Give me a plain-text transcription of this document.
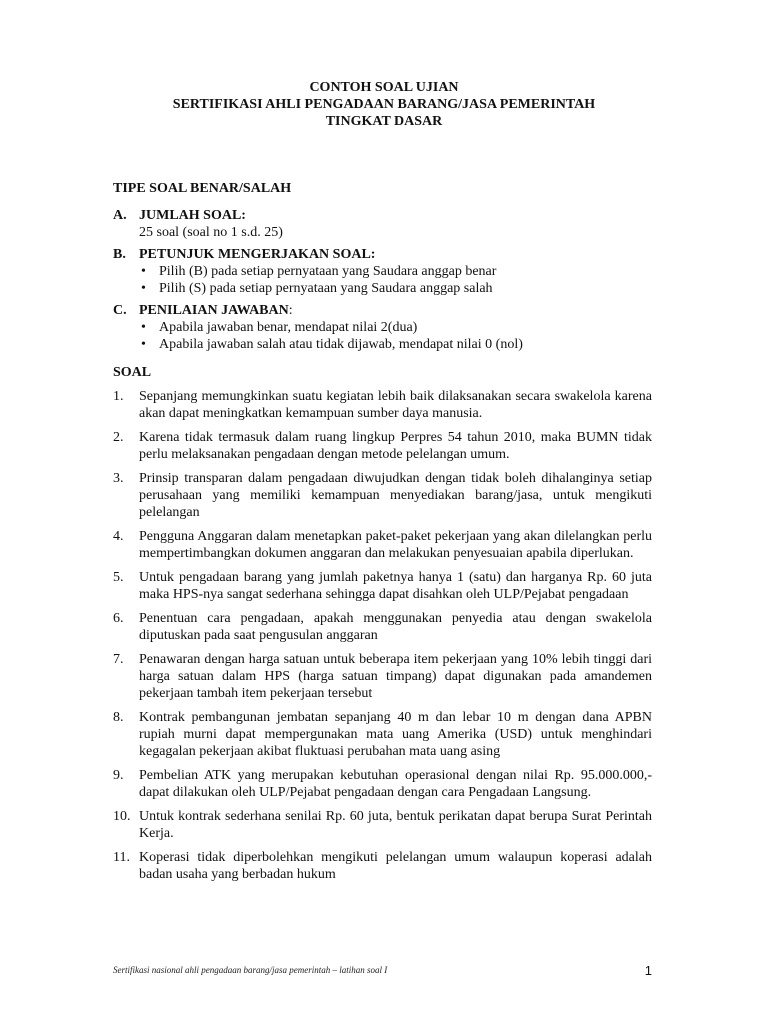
CONTOH SOAL UJIAN
SERTIFIKASI AHLI PENGADAAN BARANG/JASA PEMERINTAH
TINGKAT DASAR
TIPE SOAL BENAR/SALAH
A. JUMLAH SOAL:
25 soal (soal no 1 s.d. 25)
B. PETUNJUK MENGERJAKAN SOAL:
• Pilih (B) pada setiap pernyataan yang Saudara anggap benar
• Pilih (S) pada setiap pernyataan yang Saudara anggap salah
C. PENILAIAN JAWABAN:
• Apabila jawaban benar, mendapat nilai 2(dua)
• Apabila jawaban salah atau tidak dijawab, mendapat nilai 0 (nol)
SOAL
1.	Sepanjang memungkinkan suatu kegiatan lebih baik dilaksanakan secara swakelola karena akan dapat meningkatkan kemampuan sumber daya manusia.
2.	Karena tidak termasuk dalam ruang lingkup Perpres 54 tahun 2010, maka BUMN tidak perlu melaksanakan pengadaan dengan metode pelelangan umum.
3.	Prinsip transparan dalam pengadaan diwujudkan dengan tidak boleh dihalanginya setiap perusahaan yang memiliki kemampuan menyediakan barang/jasa, untuk mengikuti pelelangan
4.	Pengguna Anggaran dalam menetapkan paket-paket pekerjaan yang akan dilelangkan perlu mempertimbangkan dokumen anggaran dan melakukan penyesuaian apabila diperlukan.
5.	Untuk pengadaan barang yang jumlah paketnya hanya 1 (satu) dan harganya Rp. 60 juta maka HPS-nya sangat sederhana sehingga dapat disahkan oleh ULP/Pejabat pengadaan
6.	Penentuan cara pengadaan, apakah menggunakan penyedia atau dengan swakelola diputuskan pada saat pengusulan anggaran
7.	Penawaran dengan harga satuan untuk beberapa item pekerjaan yang 10% lebih tinggi dari harga satuan dalam HPS (harga satuan timpang) dapat digunakan pada amandemen pekerjaan tambah item pekerjaan tersebut
8.	Kontrak pembangunan jembatan sepanjang 40 m dan lebar 10 m dengan dana APBN rupiah murni dapat mempergunakan mata uang Amerika (USD) untuk menghindari kegagalan pekerjaan akibat fluktuasi perubahan mata uang asing
9.	Pembelian ATK yang merupakan kebutuhan operasional dengan nilai Rp. 95.000.000,- dapat dilakukan oleh ULP/Pejabat pengadaan dengan cara Pengadaan Langsung.
10. Untuk kontrak sederhana senilai Rp. 60 juta, bentuk perikatan dapat berupa Surat Perintah Kerja.
11. Koperasi tidak diperbolehkan mengikuti pelelangan umum walaupun koperasi adalah badan usaha yang berbadan hukum
Sertifikasi nasional ahli pengadaan barang/jasa pemerintah – latihan soal I	1
